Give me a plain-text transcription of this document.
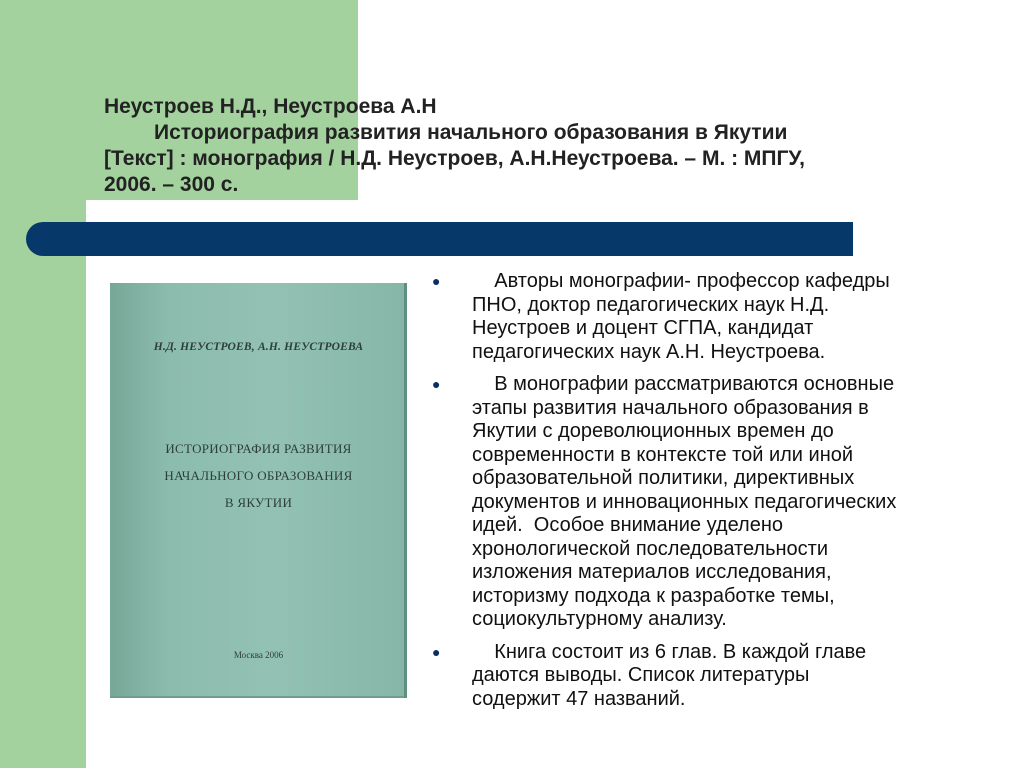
Неустроев Н.Д., Неустроева А.Н
Историография развития начального образования в Якутии
[Текст] : монография / Н.Д. Неустроев, А.Н.Неустроева. – М. : МПГУ,
2006. – 300 с.
Н.Д. НЕУСТРОЕВ, А.Н. НЕУСТРОЕВА
ИСТОРИОГРАФИЯ РАЗВИТИЯ
НАЧАЛЬНОГО ОБРАЗОВАНИЯ
В ЯКУТИИ
Москва 2006
●	Авторы монографии- профессор кафедры
ПНО, доктор педагогических наук Н.Д.
Неустроев и доцент СГПА, кандидат
педагогических наук А.Н. Неустроева.
●	В монографии рассматриваются основные
этапы развития начального образования в
Якутии с дореволюционных времен до
современности в контексте той или иной
образовательной политики, директивных
документов и инновационных педагогических
идей.  Особое внимание уделено
хронологической последовательности
изложения материалов исследования,
историзму подхода к разработке темы,
социокультурному анализу.
●	Книга состоит из 6 глав. В каждой главе
даются выводы. Список литературы
содержит 47 названий.
